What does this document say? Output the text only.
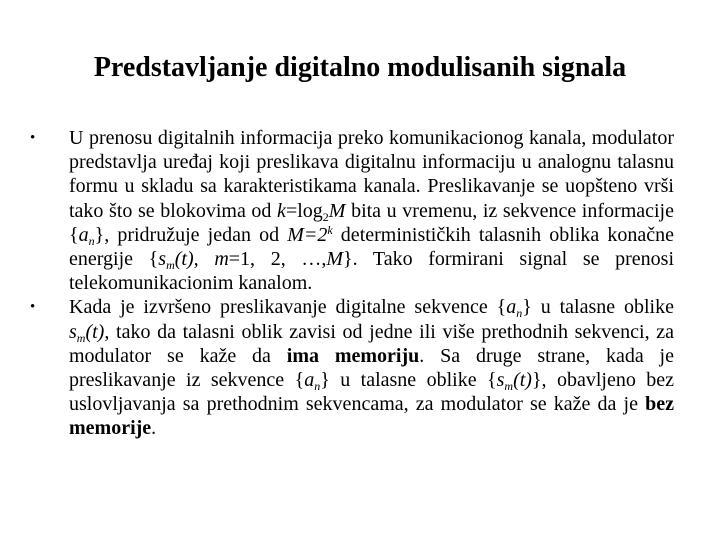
Predstavljanje digitalno modulisanih signala

•	U prenosu digitalnih informacija preko komunikacionog kanala, modulator predstavlja uređaj koji preslikava digitalnu informaciju u analognu talasnu formu u skladu sa karakteristikama kanala. Preslikavanje se uopšteno vrši tako što se blokovima od $k=\log_2M$ bita u vremenu, iz sekvence informacije $\{a_n\}$, pridružuje jedan od $M=2^k$ determinističkih talasnih oblika konačne energije {$s_m(t)$, m=1, 2, …,M}. Tako formirani signal se prenosi telekomunikacionim kanalom.

•	Kada je izvršeno preslikavanje digitalne sekvence $\{a_n\}$ u talasne oblike $s_m(t)$, tako da talasni oblik zavisi od jedne ili više prethodnih sekvenci, za modulator se kaže da ima memoriju. Sa druge strane, kada je preslikavanje iz sekvence $\{a_n\}$ u talasne oblike $\{s_m(t)\}$, obavljeno bez uslovljavanja sa prethodnim sekvencama, za modulator se kaže da je bez memorije.
